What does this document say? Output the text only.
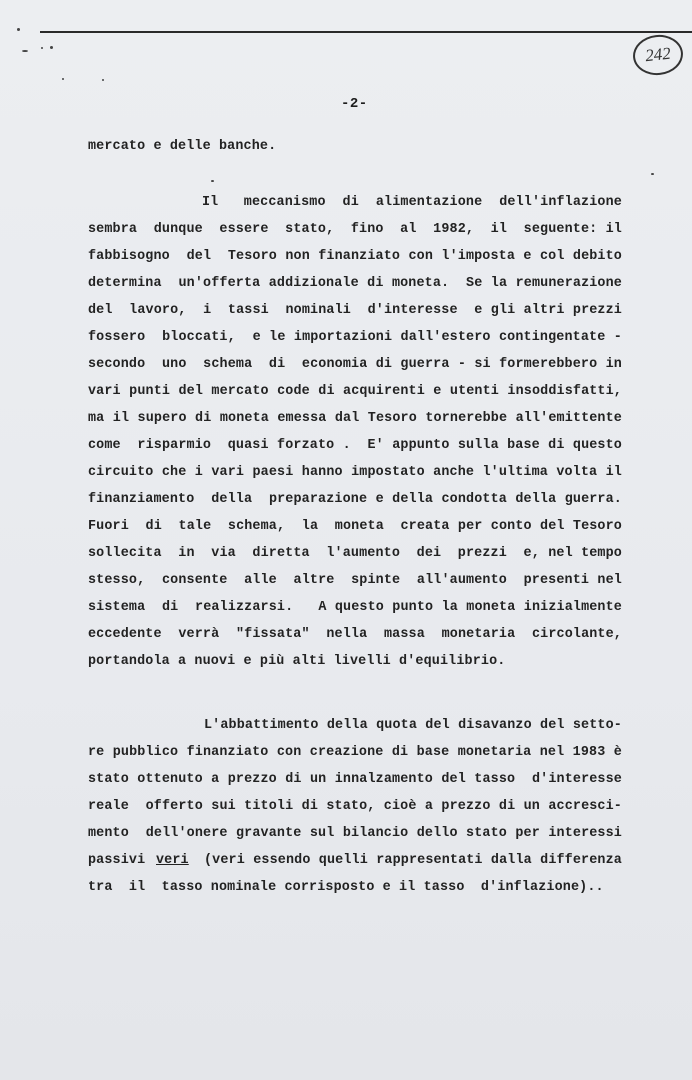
242
-2-
mercato e delle banche.
Il   meccanismo  di  alimentazione  dell'inflazione
sembra  dunque  essere  stato,  fino  al  1982,  il  seguente: il
fabbisogno  del  Tesoro non finanziato con l'imposta e col debito
determina  un'offerta addizionale di moneta.  Se la remunerazione
del  lavoro,  i  tassi  nominali  d'interesse  e gli altri prezzi
fossero  bloccati,  e le importazioni dall'estero contingentate -
secondo  uno  schema  di  economia di guerra - si formerebbero in
vari punti del mercato code di acquirenti e utenti insoddisfatti,
ma il supero di moneta emessa dal Tesoro tornerebbe all'emittente
come  risparmio  quasi forzato .  E' appunto sulla base di questo
circuito che i vari paesi hanno impostato anche l'ultima volta il
finanziamento  della  preparazione e della condotta della guerra.
Fuori  di  tale  schema,  la  moneta  creata per conto del Tesoro
sollecita  in  via  diretta  l'aumento  dei  prezzi  e, nel tempo
stesso,  consente  alle  altre  spinte  all'aumento  presenti nel
sistema  di  realizzarsi.   A questo punto la moneta inizialmente
eccedente  verrà  "fissata"  nella  massa  monetaria  circolante,
portandola a nuovi e più alti livelli d'equilibrio.
L'abbattimento della quota del disavanzo del setto-
re pubblico finanziato con creazione di base monetaria nel 1983 è
stato ottenuto a prezzo di un innalzamento del tasso  d'interesse
reale  offerto sui titoli di stato, cioè a prezzo di un accresci-
mento  dell'onere gravante sul bilancio dello stato per interessi
passivi veri (veri essendo quelli rappresentati dalla differenza
tra  il  tasso nominale corrisposto e il tasso  d'inflazione)..
